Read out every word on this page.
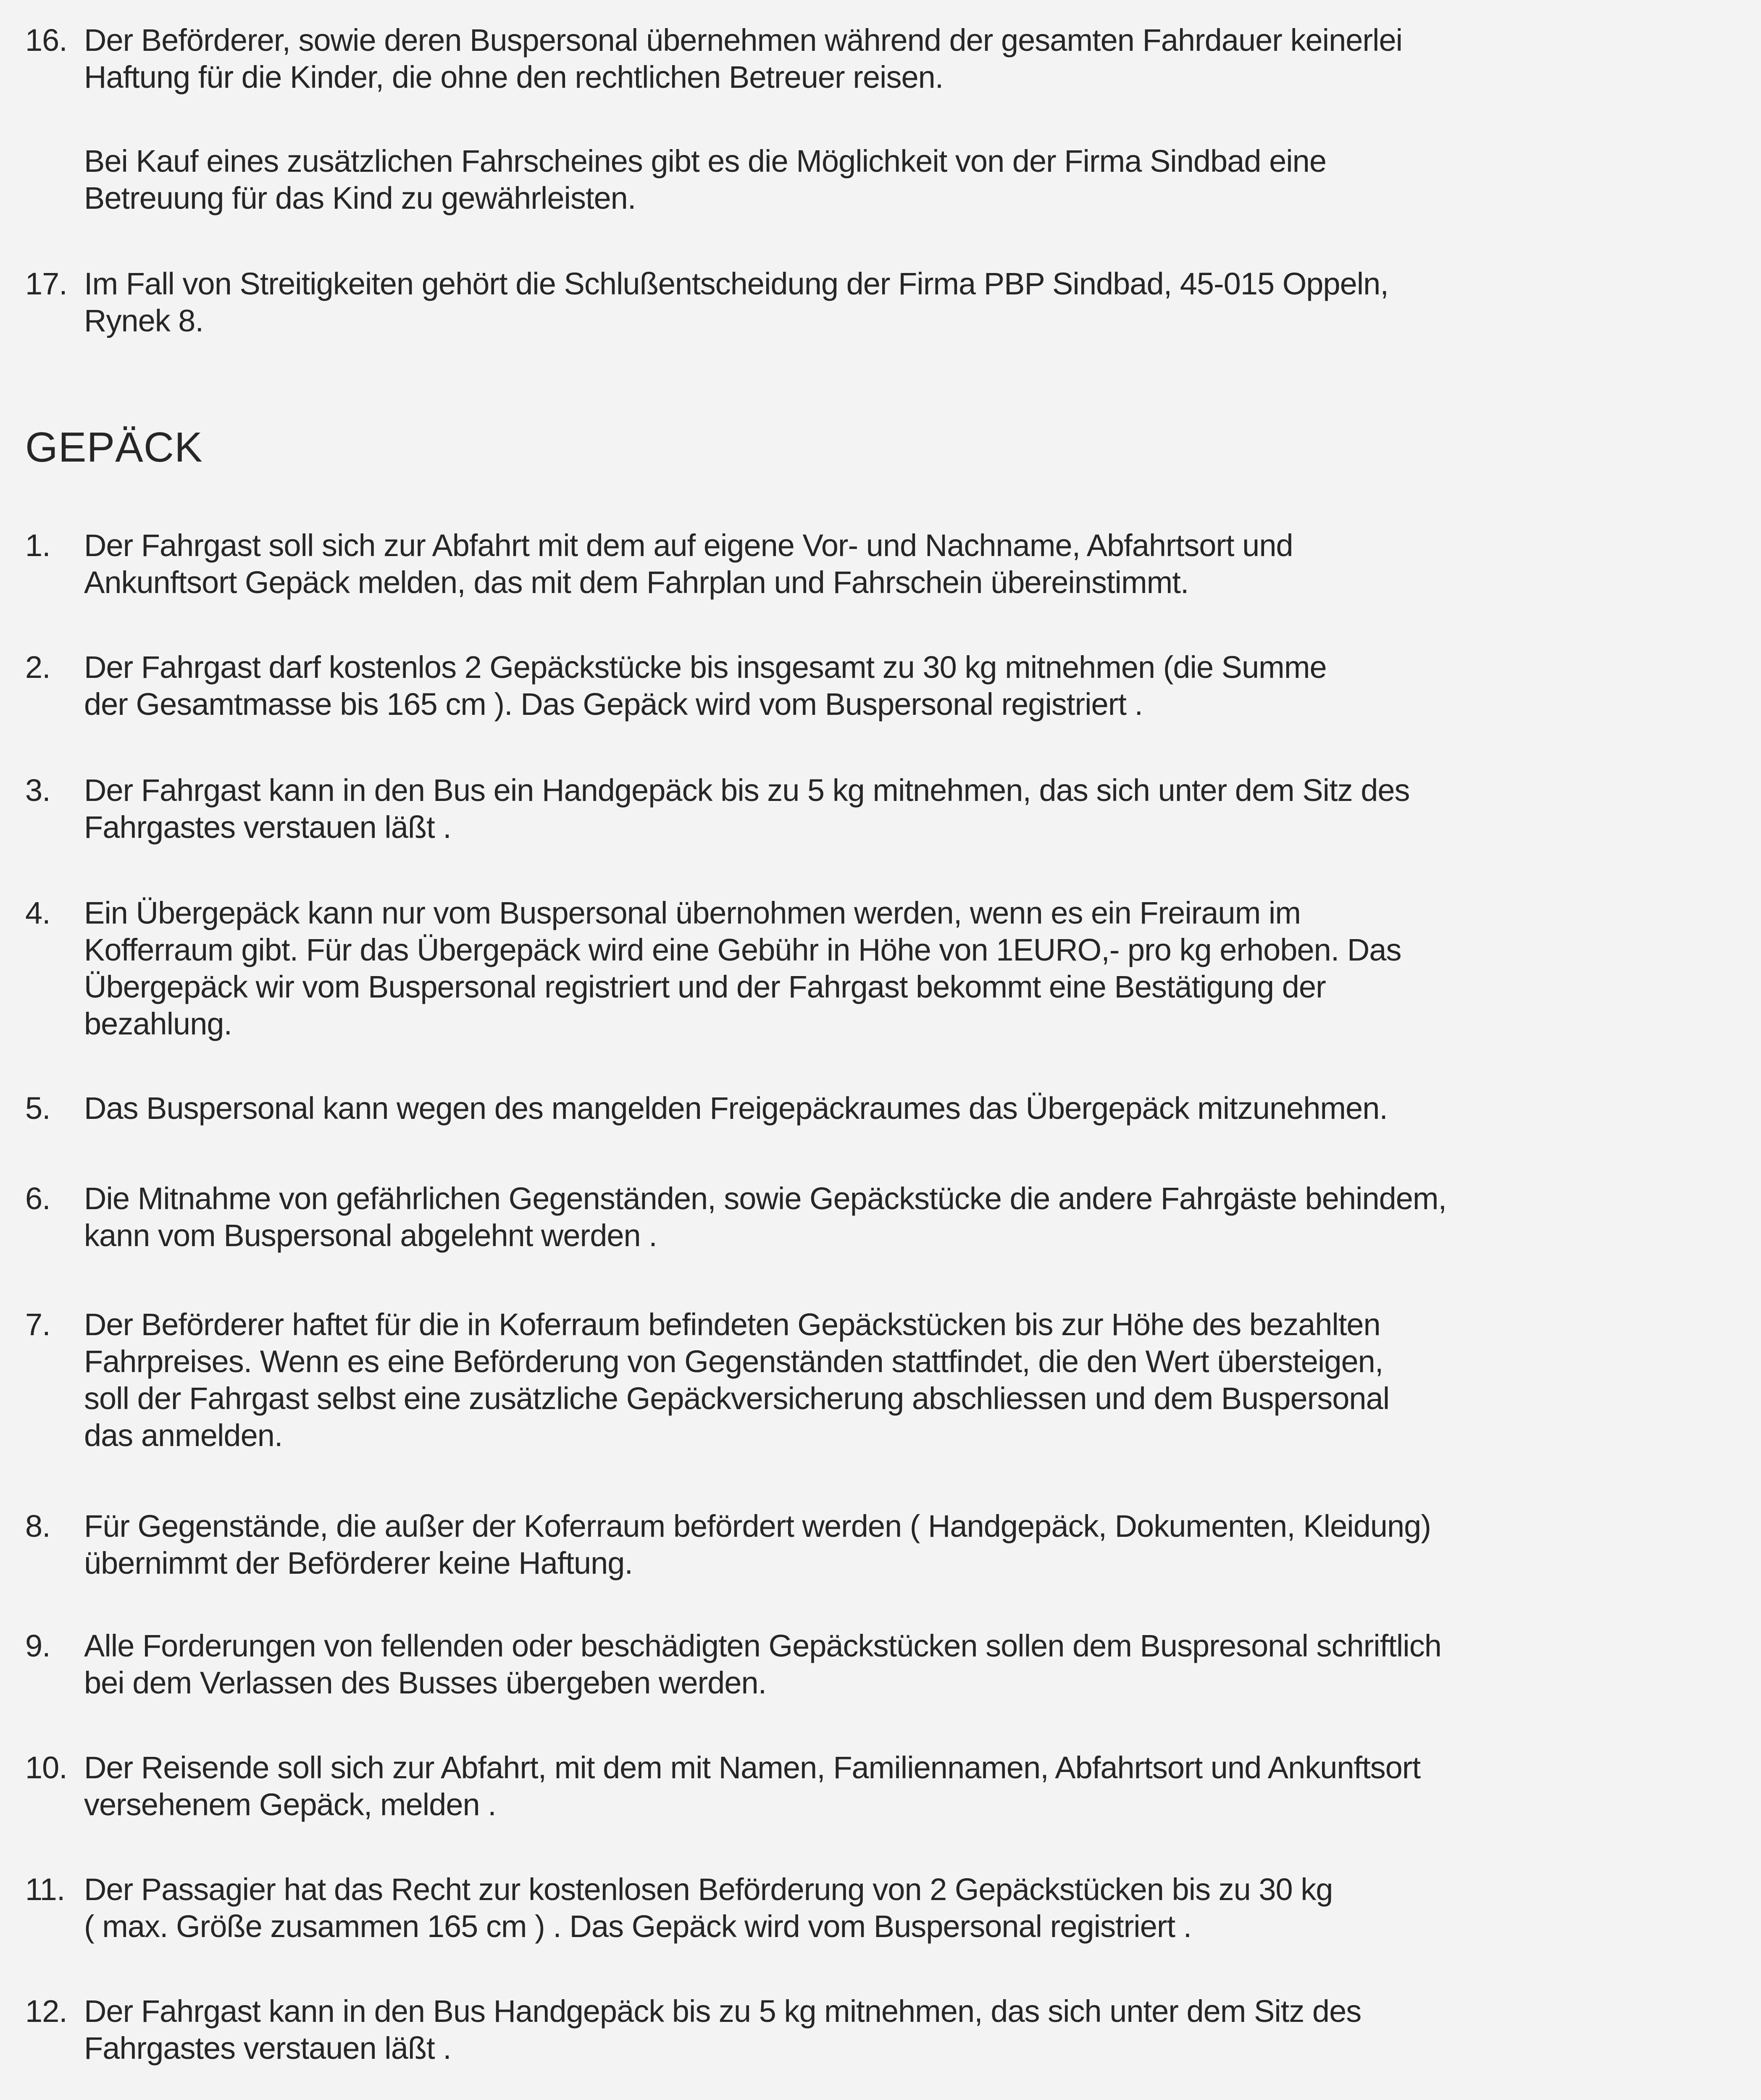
16. Der Beförderer, sowie deren Buspersonal übernehmen während der gesamten Fahrdauer keinerlei
Haftung für die Kinder, die ohne den rechtlichen Betreuer reisen.
Bei Kauf eines zusätzlichen Fahrscheines gibt es die Möglichkeit von der Firma Sindbad eine
Betreuung für das Kind zu gewährleisten.
17. Im Fall von Streitigkeiten gehört die Schlußentscheidung der Firma PBP Sindbad, 45-015 Oppeln,
Rynek 8.
GEPÄCK
1.	Der Fahrgast soll sich zur Abfahrt mit dem auf eigene Vor- und Nachname, Abfahrtsort und
Ankunftsort Gepäck melden, das mit dem Fahrplan und Fahrschein übereinstimmt.
2.	Der Fahrgast darf kostenlos 2 Gepäckstücke bis insgesamt zu 30 kg mitnehmen (die Summe
der Gesamtmasse bis 165 cm ). Das Gepäck wird vom Buspersonal registriert .
3.	Der Fahrgast kann in den Bus ein Handgepäck bis zu 5 kg mitnehmen, das sich unter dem Sitz des
Fahrgastes verstauen läßt .
4.	Ein Übergepäck kann nur vom Buspersonal übernohmen werden, wenn es ein Freiraum im
Kofferraum gibt. Für das Übergepäck wird eine Gebühr in Höhe von 1EURO,- pro kg erhoben. Das
Übergepäck wir vom Buspersonal registriert und der Fahrgast bekommt eine Bestätigung der
bezahlung.
5.	Das Buspersonal kann wegen des mangelden Freigepäckraumes das Übergepäck mitzunehmen.
6.	Die Mitnahme von gefährlichen Gegenständen, sowie Gepäckstücke die andere Fahrgäste behindem,
kann vom Buspersonal abgelehnt werden .
7.	Der Beförderer haftet für die in Koferraum befindeten Gepäckstücken bis zur Höhe des bezahlten
Fahrpreises. Wenn es eine Beförderung von Gegenständen stattfindet, die den Wert übersteigen,
soll der Fahrgast selbst eine zusätzliche Gepäckversicherung abschliessen und dem Buspersonal
das anmelden.
8.	Für Gegenstände, die außer der Koferraum befördert werden ( Handgepäck, Dokumenten, Kleidung)
übernimmt der Beförderer keine Haftung.
9.	Alle Forderungen von fellenden oder beschädigten Gepäckstücken sollen dem Buspresonal schriftlich
bei dem Verlassen des Busses übergeben werden.
10. Der Reisende soll sich zur Abfahrt, mit dem mit Namen, Familiennamen, Abfahrtsort und Ankunftsort
versehenem Gepäck, melden .
11. Der Passagier hat das Recht zur kostenlosen Beförderung von 2 Gepäckstücken bis zu 30 kg
( max. Größe zusammen 165 cm ) . Das Gepäck wird vom Buspersonal registriert .
12. Der Fahrgast kann in den Bus Handgepäck bis zu 5 kg mitnehmen, das sich unter dem Sitz des
Fahrgastes verstauen läßt .
